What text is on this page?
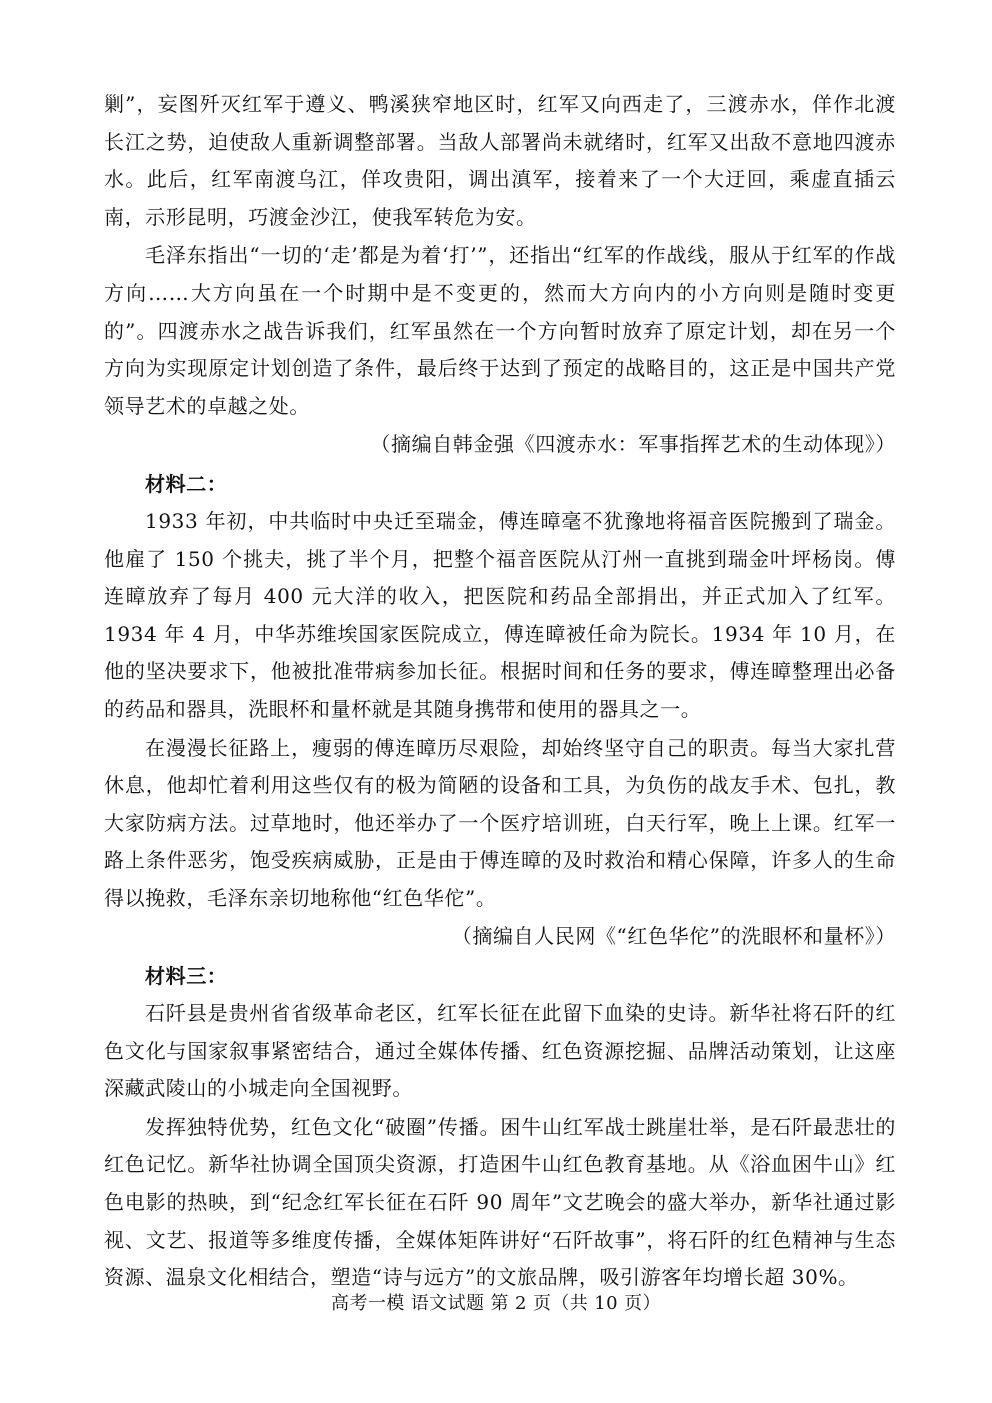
剿”，妄图歼灭红军于遵义、鸭溪狭窄地区时，红军又向西走了，三渡赤水，佯作北渡长江之势，迫使敌人重新调整部署。当敌人部署尚未就绪时，红军又出敌不意地四渡赤水。此后，红军南渡乌江，佯攻贵阳，调出滇军，接着来了一个大迂回，乘虚直插云南，示形昆明，巧渡金沙江，使我军转危为安。

毛泽东指出“一切的‘走’都是为着‘打’”，还指出“红军的作战线，服从于红军的作战方向……大方向虽在一个时期中是不变更的，然而大方向内的小方向则是随时变更的”。四渡赤水之战告诉我们，红军虽然在一个方向暂时放弃了原定计划，却在另一个方向为实现原定计划创造了条件，最后终于达到了预定的战略目的，这正是中国共产党领导艺术的卓越之处。

（摘编自韩金强《四渡赤水：军事指挥艺术的生动体现》）

材料二：

1933 年初，中共临时中央迁至瑞金，傅连暲毫不犹豫地将福音医院搬到了瑞金。他雇了 150 个挑夫，挑了半个月，把整个福音医院从汀州一直挑到瑞金叶坪杨岗。傅连暲放弃了每月 400 元大洋的收入，把医院和药品全部捐出，并正式加入了红军。1934 年 4 月，中华苏维埃国家医院成立，傅连暲被任命为院长。1934 年 10 月，在他的坚决要求下，他被批准带病参加长征。根据时间和任务的要求，傅连暲整理出必备的药品和器具，洗眼杯和量杯就是其随身携带和使用的器具之一。

在漫漫长征路上，瘦弱的傅连暲历尽艰险，却始终坚守自己的职责。每当大家扎营休息，他却忙着利用这些仅有的极为简陋的设备和工具，为负伤的战友手术、包扎，教大家防病方法。过草地时，他还举办了一个医疗培训班，白天行军，晚上上课。红军一路上条件恶劣，饱受疾病威胁，正是由于傅连暲的及时救治和精心保障，许多人的生命得以挽救，毛泽东亲切地称他“红色华佗”。

（摘编自人民网《“红色华佗”的洗眼杯和量杯》）

材料三：

石阡县是贵州省省级革命老区，红军长征在此留下血染的史诗。新华社将石阡的红色文化与国家叙事紧密结合，通过全媒体传播、红色资源挖掘、品牌活动策划，让这座深藏武陵山的小城走向全国视野。

发挥独特优势，红色文化“破圈”传播。困牛山红军战士跳崖壮举，是石阡最悲壮的红色记忆。新华社协调全国顶尖资源，打造困牛山红色教育基地。从《浴血困牛山》红色电影的热映，到“纪念红军长征在石阡 90 周年”文艺晚会的盛大举办，新华社通过影视、文艺、报道等多维度传播，全媒体矩阵讲好“石阡故事”，将石阡的红色精神与生态资源、温泉文化相结合，塑造“诗与远方”的文旅品牌，吸引游客年均增长超 30%。

高考一模 语文试题 第 2 页（共 10 页）
